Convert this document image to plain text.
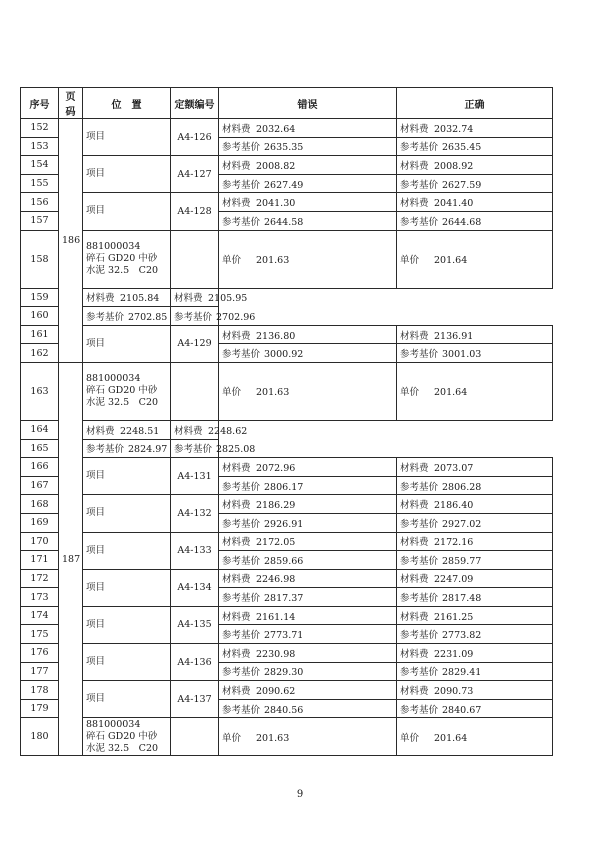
序号	页码	位　置	定额编号	错误	正确
152	186	项目	A4-126	材料费 2032.64	材料费 2032.74
153				参考基价 2635.35	参考基价 2635.45
154		项目	A4-127	材料费 2008.82	材料费 2008.92
155				参考基价 2627.49	参考基价 2627.59
156		项目	A4-128	材料费 2041.30	材料费 2041.40
157				参考基价 2644.58	参考基价 2644.68
158		881000034
碎石 GD20 中砂
水泥 32.5　C20		单价 201.63	单价 201.64
159		材料费 2105.84	材料费 2105.95		
160		参考基价 2702.85	参考基价 2702.96		
161		项目	A4-129	材料费 2136.80	材料费 2136.91
162				参考基价 3000.92	参考基价 3001.03
163	187	881000034
碎石 GD20 中砂
水泥 32.5　C20		单价 201.63	单价 201.64
164		材料费 2248.51	材料费 2248.62		
165		参考基价 2824.97	参考基价 2825.08		
166		项目	A4-131	材料费 2072.96	材料费 2073.07
167				参考基价 2806.17	参考基价 2806.28
168		项目	A4-132	材料费 2186.29	材料费 2186.40
169				参考基价 2926.91	参考基价 2927.02
170		项目	A4-133	材料费 2172.05	材料费 2172.16
171				参考基价 2859.66	参考基价 2859.77
172		项目	A4-134	材料费 2246.98	材料费 2247.09
173				参考基价 2817.37	参考基价 2817.48
174		项目	A4-135	材料费 2161.14	材料费 2161.25
175				参考基价 2773.71	参考基价 2773.82
176		项目	A4-136	材料费 2230.98	材料费 2231.09
177				参考基价 2829.30	参考基价 2829.41
178		项目	A4-137	材料费 2090.62	材料费 2090.73
179				参考基价 2840.56	参考基价 2840.67
180		881000034
碎石 GD20 中砂
水泥 32.5　C20		单价 201.63	单价 201.64
9
